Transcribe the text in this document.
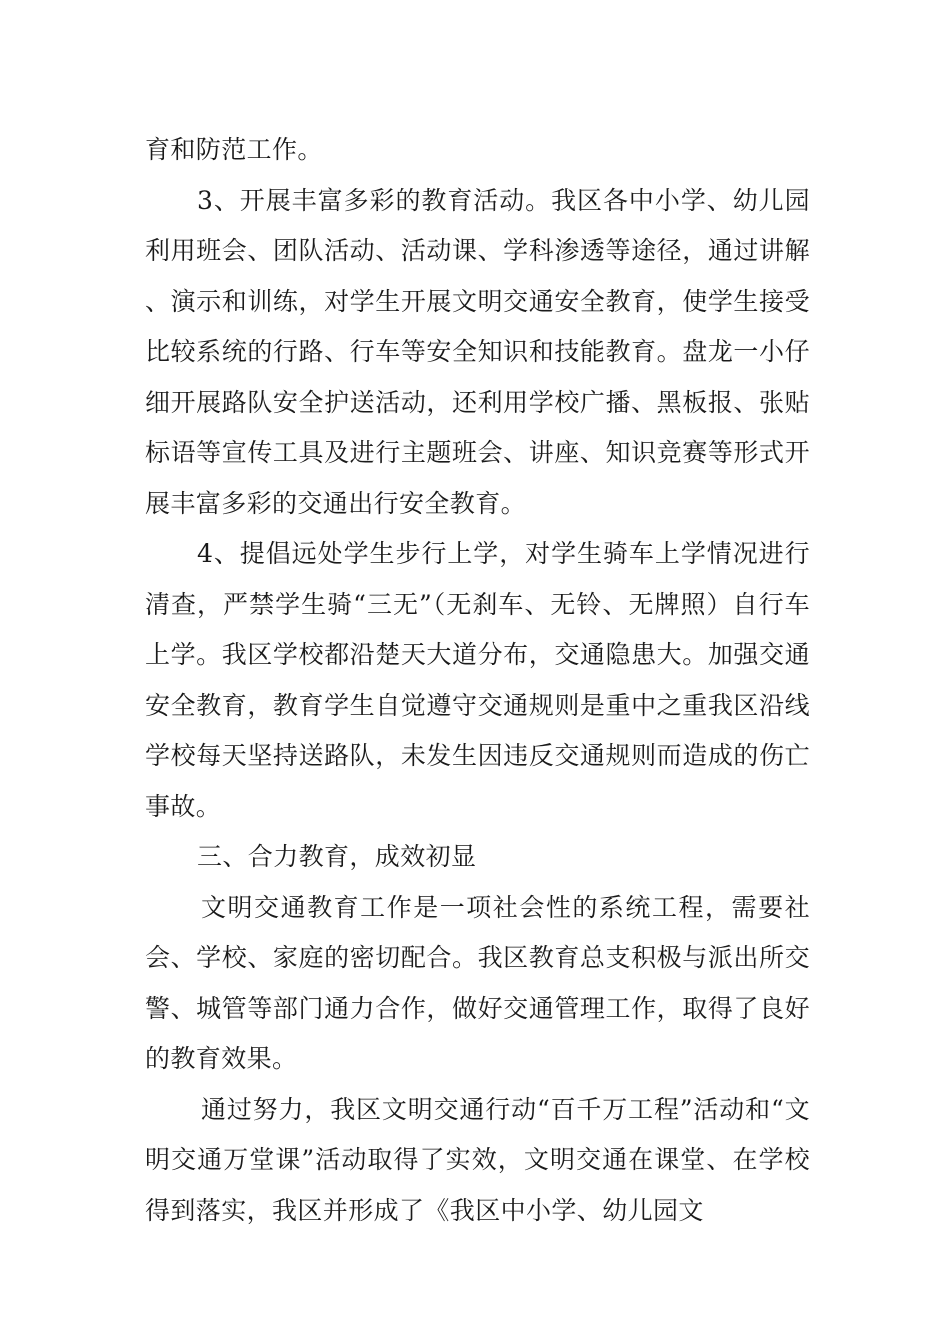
育和防范工作。

3、开展丰富多彩的教育活动。我区各中小学、幼儿园利用班会、团队活动、活动课、学科渗透等途径，通过讲解、演示和训练，对学生开展文明交通安全教育，使学生接受比较系统的行路、行车等安全知识和技能教育。盘龙一小仔细开展路队安全护送活动，还利用学校广播、黑板报、张贴标语等宣传工具及进行主题班会、讲座、知识竞赛等形式开展丰富多彩的交通出行安全教育。

4、提倡远处学生步行上学，对学生骑车上学情况进行清查，严禁学生骑“三无”（无刹车、无铃、无牌照）自行车上学。我区学校都沿楚天大道分布，交通隐患大。加强交通安全教育，教育学生自觉遵守交通规则是重中之重我区沿线学校每天坚持送路队，未发生因违反交通规则而造成的伤亡事故。

三、合力教育，成效初显

文明交通教育工作是一项社会性的系统工程，需要社会、学校、家庭的密切配合。我区教育总支积极与派出所交警、城管等部门通力合作，做好交通管理工作，取得了良好的教育效果。

通过努力，我区文明交通行动“百千万工程”活动和“文明交通万堂课”活动取得了实效，文明交通在课堂、在学校得到落实，我区并形成了《我区中小学、幼儿园文
